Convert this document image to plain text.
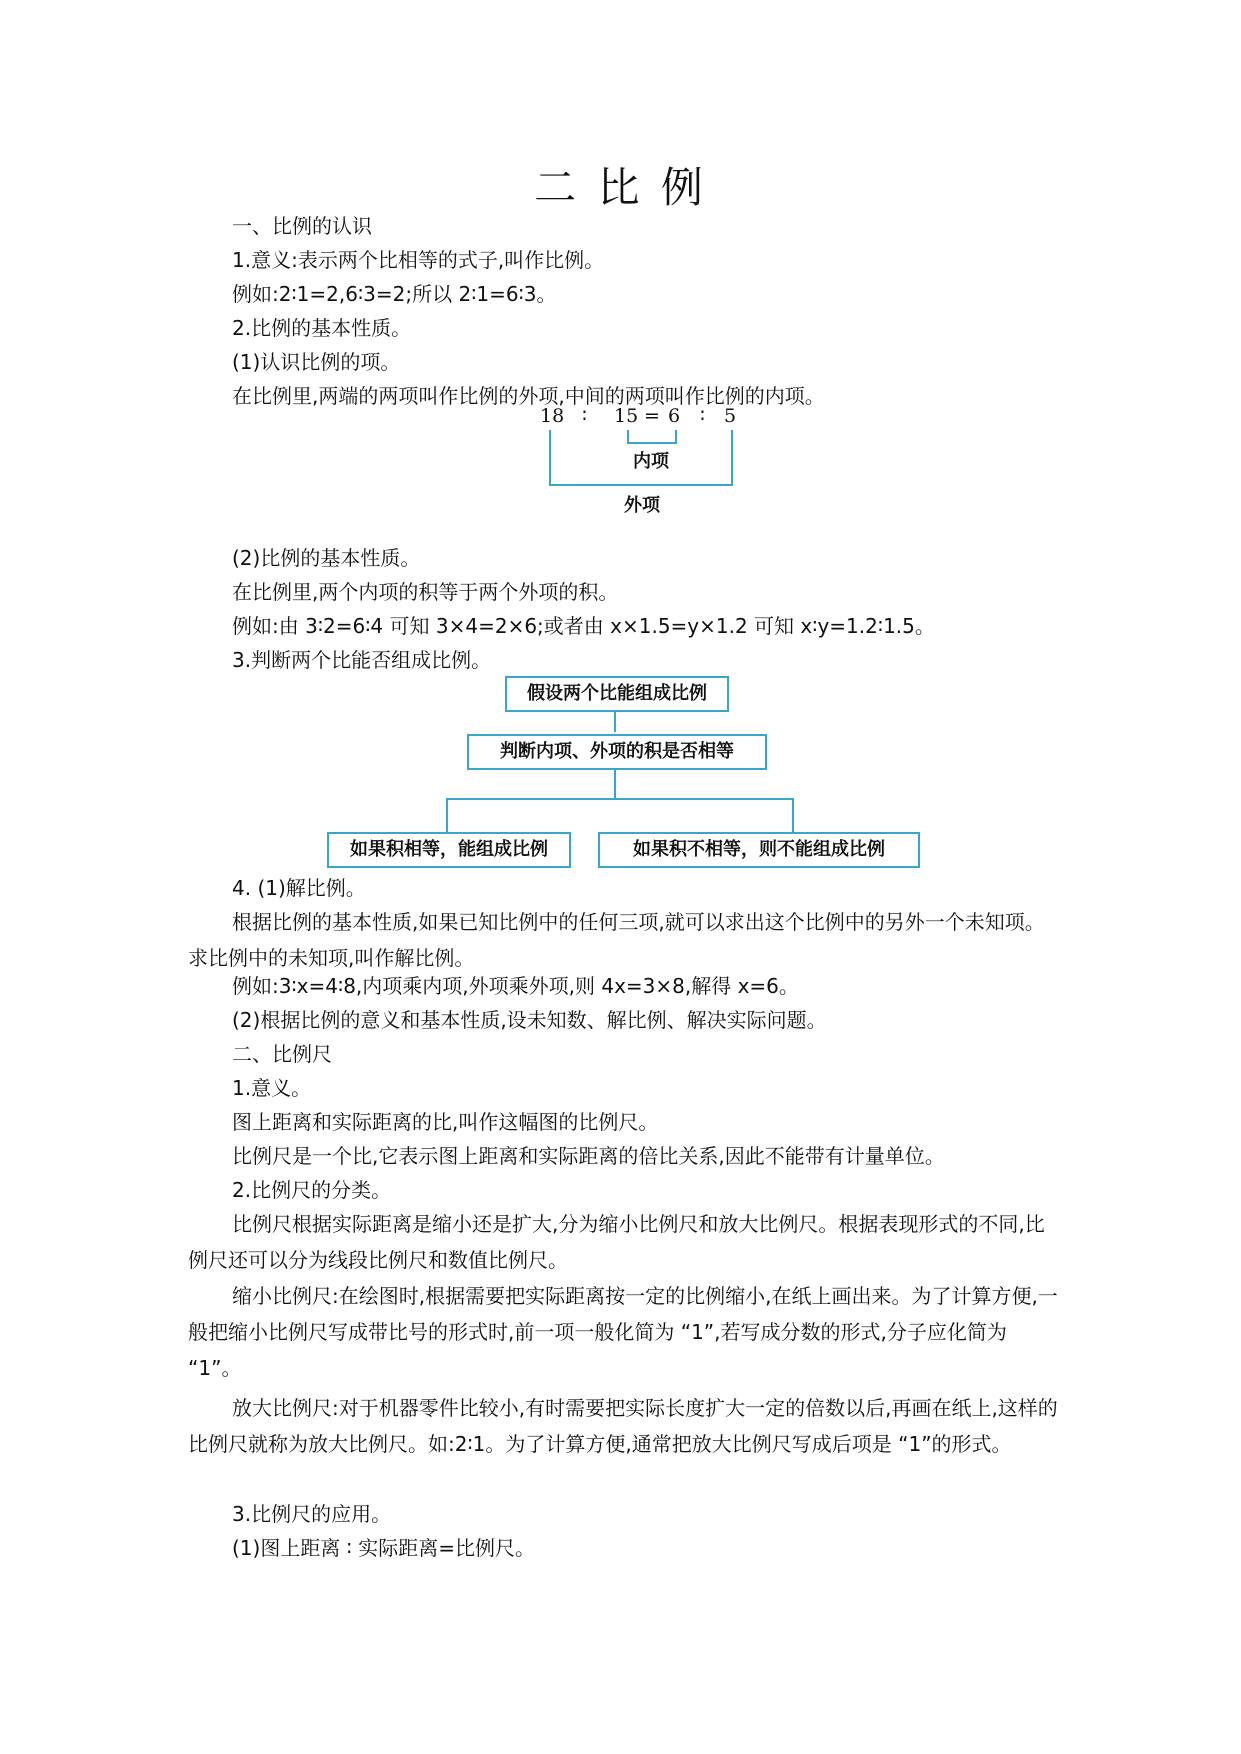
二 比 例
一、比例的认识
1.意义:表示两个比相等的式子,叫作比例。
例如:2∶1=2,6∶3=2;所以 2∶1=6∶3。
2.比例的基本性质。
(1)认识比例的项。
在比例里,两端的两项叫作比例的外项,中间的两项叫作比例的内项。
18 ∶ 15 = 6 ∶ 5
内项
外项
(2)比例的基本性质。
在比例里,两个内项的积等于两个外项的积。
例如:由 3∶2=6∶4 可知 3×4=2×6;或者由 x×1.5=y×1.2 可知 x∶y=1.2∶1.5。
3.判断两个比能否组成比例。
假设两个比能组成比例
判断内项、外项的积是否相等
如果积相等，能组成比例	如果积不相等，则不能组成比例
4. (1)解比例。
根据比例的基本性质,如果已知比例中的任何三项,就可以求出这个比例中的另外一个未知项。求比例中的未知项,叫作解比例。
例如:3∶x=4∶8,内项乘内项,外项乘外项,则 4x=3×8,解得 x=6。
(2)根据比例的意义和基本性质,设未知数、解比例、解决实际问题。
二、比例尺
1.意义。
图上距离和实际距离的比,叫作这幅图的比例尺。
比例尺是一个比,它表示图上距离和实际距离的倍比关系,因此不能带有计量单位。
2.比例尺的分类。
比例尺根据实际距离是缩小还是扩大,分为缩小比例尺和放大比例尺。根据表现形式的不同,比例尺还可以分为线段比例尺和数值比例尺。
缩小比例尺:在绘图时,根据需要把实际距离按一定的比例缩小,在纸上画出来。为了计算方便,一般把缩小比例尺写成带比号的形式时,前一项一般化简为 “1”,若写成分数的形式,分子应化简为 “1”。
放大比例尺:对于机器零件比较小,有时需要把实际长度扩大一定的倍数以后,再画在纸上,这样的比例尺就称为放大比例尺。如:2∶1。为了计算方便,通常把放大比例尺写成后项是 “1”的形式。
3.比例尺的应用。
(1)图上距离 ∶ 实际距离=比例尺。
